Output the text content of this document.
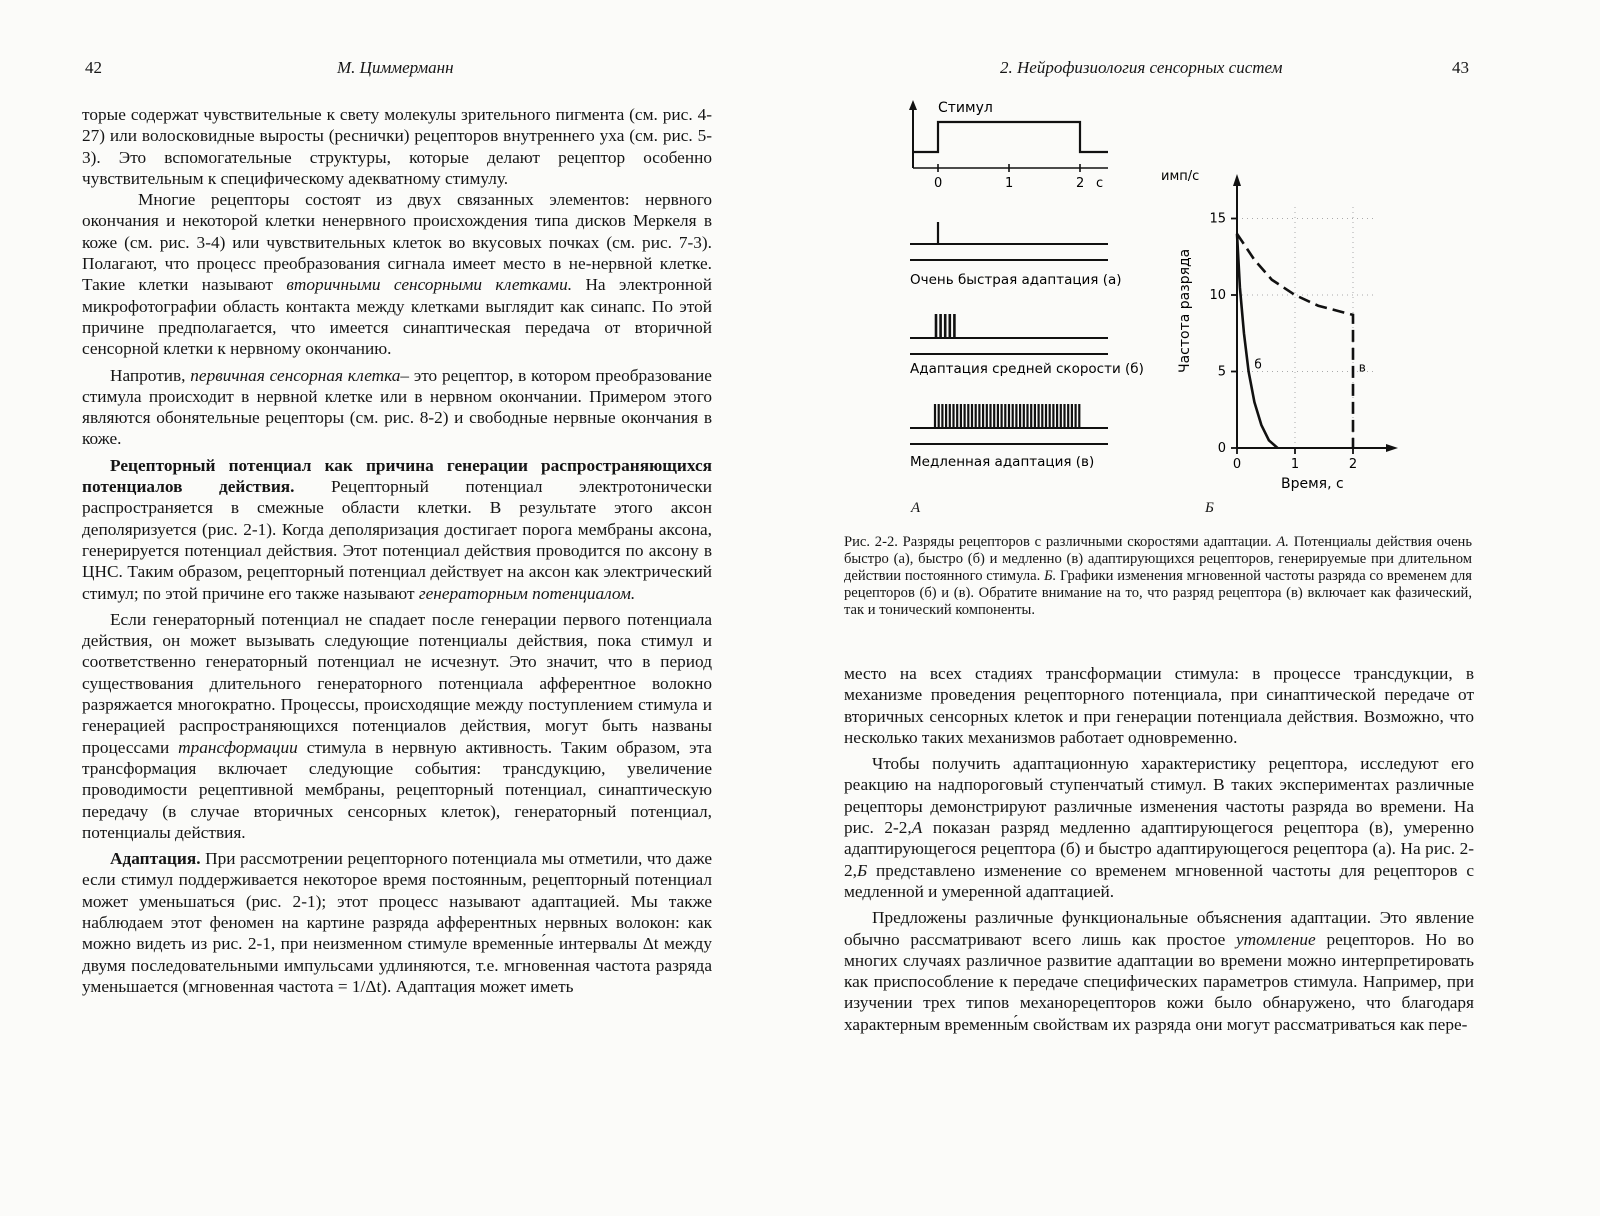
42	М. Циммерманн

торые содержат чувствительные к свету молекулы зрительного пигмента (см. рис. 4-27) или волосковидные выросты (реснички) рецепторов внутреннего уха (см. рис. 5-3). Это вспомогательные структуры, которые делают рецептор особенно чувствительным к специфическому адекватному стимулу.

Многие рецепторы состоят из двух связанных элементов: нервного окончания и некоторой клетки ненервного происхождения типа дисков Меркеля в коже (см. рис. 3-4) или чувствительных клеток во вкусовых почках (см. рис. 7-3). Полагают, что процесс преобразования сигнала имеет место в не-нервной клетке. Такие клетки называют вторичными сенсорными клетками. На электронной микрофотографии область контакта между клетками выглядит как синапс. По этой причине предполагается, что имеется синаптическая передача от вторичной сенсорной клетки к нервному окончанию.

Напротив, первичная сенсорная клетка– это рецептор, в котором преобразование стимула происходит в нервной клетке или в нервном окончании. Примером этого являются обонятельные рецепторы (см. рис. 8-2) и свободные нервные окончания в коже.

Рецепторный потенциал как причина генерации распространяющихся потенциалов действия. Рецепторный потенциал электротонически распространяется в смежные области клетки. В результате этого аксон деполяризуется (рис. 2-1). Когда деполяризация достигает порога мембраны аксона, генерируется потенциал действия. Этот потенциал действия проводится по аксону в ЦНС. Таким образом, рецепторный потенциал действует на аксон как электрический стимул; по этой причине его также называют генераторным потенциалом.

Если генераторный потенциал не спадает после генерации первого потенциала действия, он может вызывать следующие потенциалы действия, пока стимул и соответственно генераторный потенциал не исчезнут. Это значит, что в период существования длительного генераторного потенциала афферентное волокно разряжается многократно. Процессы, происходящие между поступлением стимула и генерацией распространяющихся потенциалов действия, могут быть названы процессами трансформации стимула в нервную активность. Таким образом, эта трансформация включает следующие события: трансдукцию, увеличение проводимости рецептивной мембраны, рецепторный потенциал, синаптическую передачу (в случае вторичных сенсорных клеток), генераторный потенциал, потенциалы действия.

Адаптация. При рассмотрении рецепторного потенциала мы отметили, что даже если стимул поддерживается некоторое время постоянным, рецепторный потенциал может уменьшаться (рис. 2-1); этот процесс называют адаптацией. Мы также наблюдаем этот феномен на картине разряда афферентных нервных волокон: как можно видеть из рис. 2-1, при неизменном стимуле временны́е интервалы Δt между двумя последовательными импульсами удлиняются, т.е. мгновенная частота разряда уменьшается (мгновенная частота = 1/Δt). Адаптация может иметь

2. Нейрофизиология сенсорных систем	43
Стимул
0	1	2 с
Очень быстрая адаптация (а)
Адаптация средней скорости (б)
Медленная адаптация (в)
имп/с
Частота разряда
Время, с
0
5
10
15
0	1	2
б	в
А	Б
Рис. 2-2. Разряды рецепторов с различными скоростями адаптации. А. Потенциалы действия очень быстро (а), быстро (б) и медленно (в) адаптирующихся рецепторов, генерируемые при длительном действии постоянного стимула. Б. Графики изменения мгновенной частоты разряда со временем для рецепторов (б) и (в). Обратите внимание на то, что разряд рецептора (в) включает как фазический, так и тонический компоненты.

место на всех стадиях трансформации стимула: в процессе трансдукции, в механизме проведения рецепторного потенциала, при синаптической передаче от вторичных сенсорных клеток и при генерации потенциала действия. Возможно, что несколько таких механизмов работает одновременно.

Чтобы получить адаптационную характеристику рецептора, исследуют его реакцию на надпороговый ступенчатый стимул. В таких экспериментах различные рецепторы демонстрируют различные изменения частоты разряда во времени. На рис. 2-2,А показан разряд медленно адаптирующегося рецептора (в), умеренно адаптирующегося рецептора (б) и быстро адаптирующегося рецептора (а). На рис. 2-2,Б представлено изменение со временем мгновенной частоты для рецепторов с медленной и умеренной адаптацией.

Предложены различные функциональные объяснения адаптации. Это явление обычно рассматривают всего лишь как простое утомление рецепторов. Но во многих случаях различное развитие адаптации во времени можно интерпретировать как приспособление к передаче специфических параметров стимула. Например, при изучении трех типов механорецепторов кожи было обнаружено, что благодаря характерным временны́м свойствам их разряда они могут рассматриваться как пере-
